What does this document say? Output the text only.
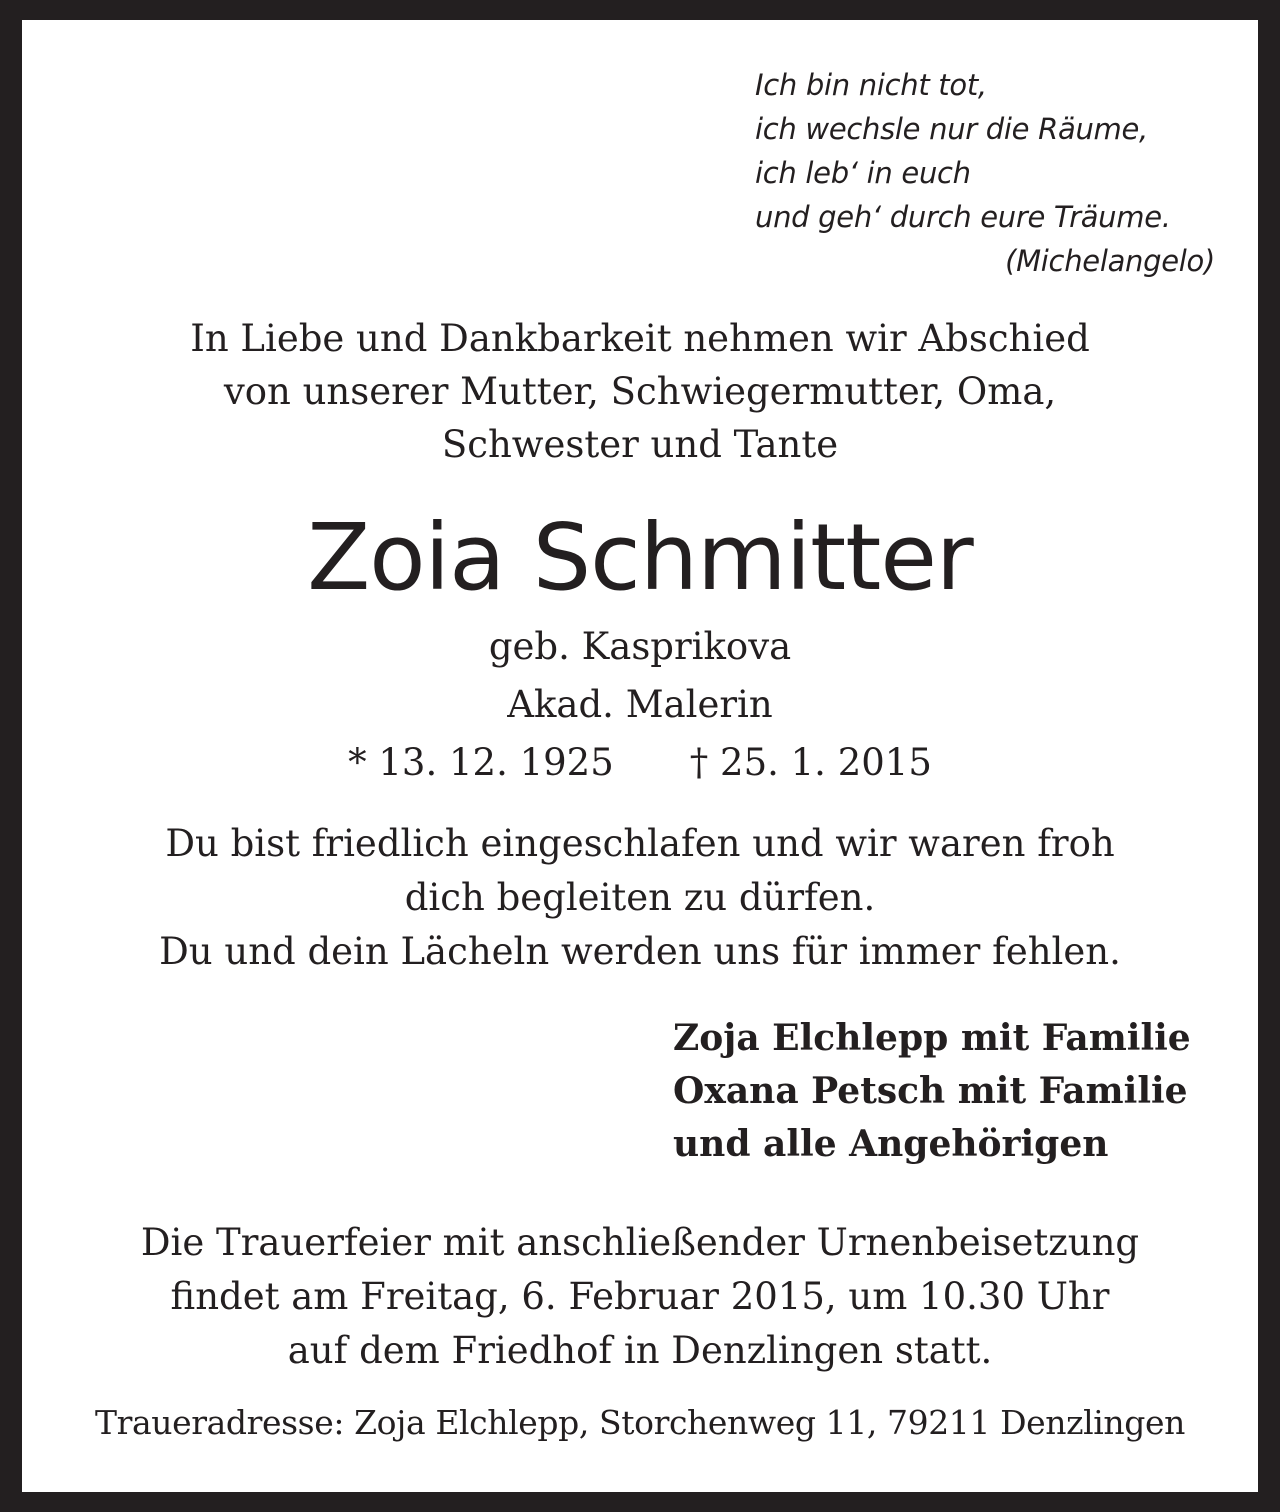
Ich bin nicht tot,
ich wechsle nur die Räume,
ich leb‘ in euch
und geh‘ durch eure Träume.
(Michelangelo)
In Liebe und Dankbarkeit nehmen wir Abschied
von unserer Mutter, Schwiegermutter, Oma,
Schwester und Tante
Zoia Schmitter
geb. Kasprikova
Akad. Malerin
* 13. 12. 1925 † 25. 1. 2015
Du bist friedlich eingeschlafen und wir waren froh
dich begleiten zu dürfen.
Du und dein Lächeln werden uns für immer fehlen.
Zoja Elchlepp mit Familie
Oxana Petsch mit Familie
und alle Angehörigen
Die Trauerfeier mit anschließender Urnenbeisetzung
findet am Freitag, 6. Februar 2015, um 10.30 Uhr
auf dem Friedhof in Denzlingen statt.
Traueradresse: Zoja Elchlepp, Storchenweg 11, 79211 Denzlingen
